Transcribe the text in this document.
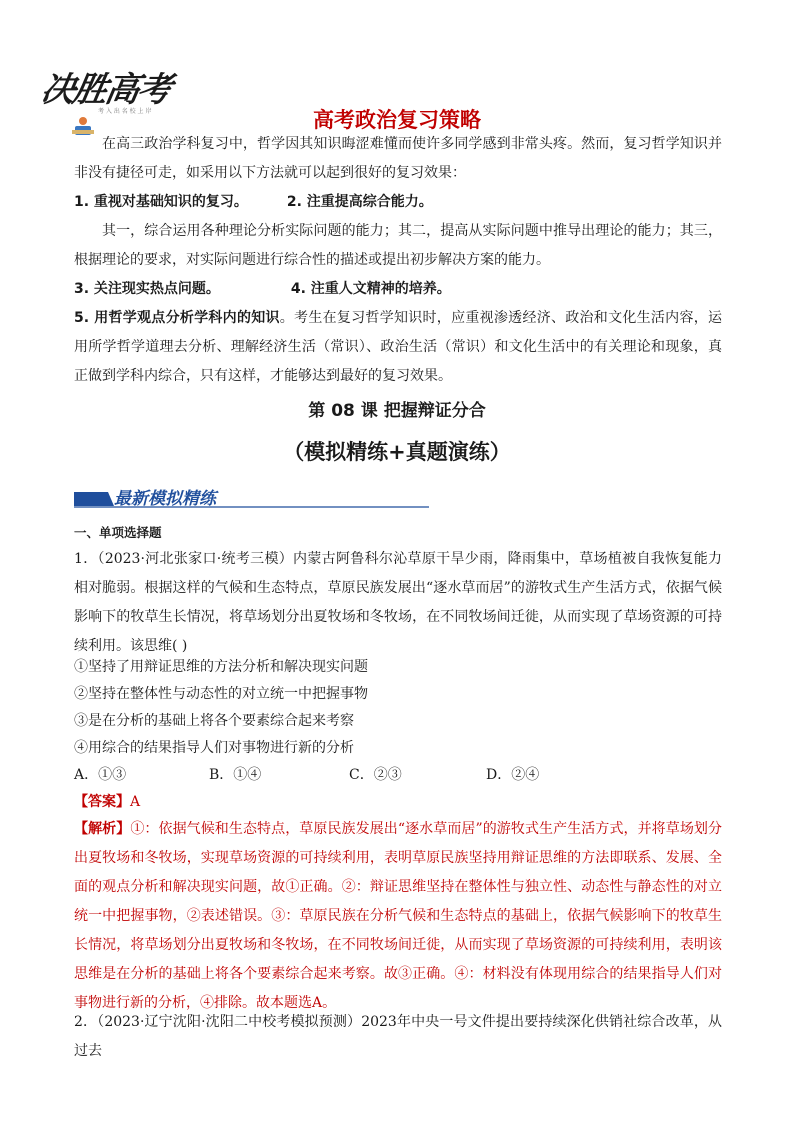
决胜高考
考 入 出 名 校 上 岸	高考政治复习策略
在高三政治学科复习中，哲学因其知识晦涩难懂而使许多同学感到非常头疼。然而，复习哲学知识并非没有捷径可走，如采用以下方法就可以起到很好的复习效果：
1. 重视对基础知识的复习。	2. 注重提高综合能力。
其一，综合运用各种理论分析实际问题的能力；其二，提高从实际问题中推导出理论的能力；其三，根据理论的要求，对实际问题进行综合性的描述或提出初步解决方案的能力。
3. 关注现实热点问题。	4. 注重人文精神的培养。
5. 用哲学观点分析学科内的知识。考生在复习哲学知识时，应重视渗透经济、政治和文化生活内容，运用所学哲学道理去分析、理解经济生活（常识）、政治生活（常识）和文化生活中的有关理论和现象，真正做到学科内综合，只有这样，才能够达到最好的复习效果。
第 08 课 把握辩证分合
（模拟精练+真题演练）
最新模拟精练
一、单项选择题
1．（2023·河北张家口·统考三模）内蒙古阿鲁科尔沁草原干旱少雨，降雨集中，草场植被自我恢复能力相对脆弱。根据这样的气候和生态特点，草原民族发展出“逐水草而居”的游牧式生产生活方式，依据气候影响下的牧草生长情况，将草场划分出夏牧场和冬牧场，在不同牧场间迁徙，从而实现了草场资源的可持续利用。该思维( )
①坚持了用辩证思维的方法分析和解决现实问题
②坚持在整体性与动态性的对立统一中把握事物
③是在分析的基础上将各个要素综合起来考察
④用综合的结果指导人们对事物进行新的分析
A．①③	B．①④	C．②③	D．②④
【答案】A
【解析】①：依据气候和生态特点，草原民族发展出“逐水草而居”的游牧式生产生活方式，并将草场划分出夏牧场和冬牧场，实现草场资源的可持续利用，表明草原民族坚持用辩证思维的方法即联系、发展、全面的观点分析和解决现实问题，故①正确。②：辩证思维坚持在整体性与独立性、动态性与静态性的对立统一中把握事物，②表述错误。③：草原民族在分析气候和生态特点的基础上，依据气候影响下的牧草生长情况，将草场划分出夏牧场和冬牧场，在不同牧场间迁徙，从而实现了草场资源的可持续利用，表明该思维是在分析的基础上将各个要素综合起来考察。故③正确。④：材料没有体现用综合的结果指导人们对事物进行新的分析，④排除。故本题选A。
2．（2023·辽宁沈阳·沈阳二中校考模拟预测）2023年中央一号文件提出要持续深化供销社综合改革，从过去
